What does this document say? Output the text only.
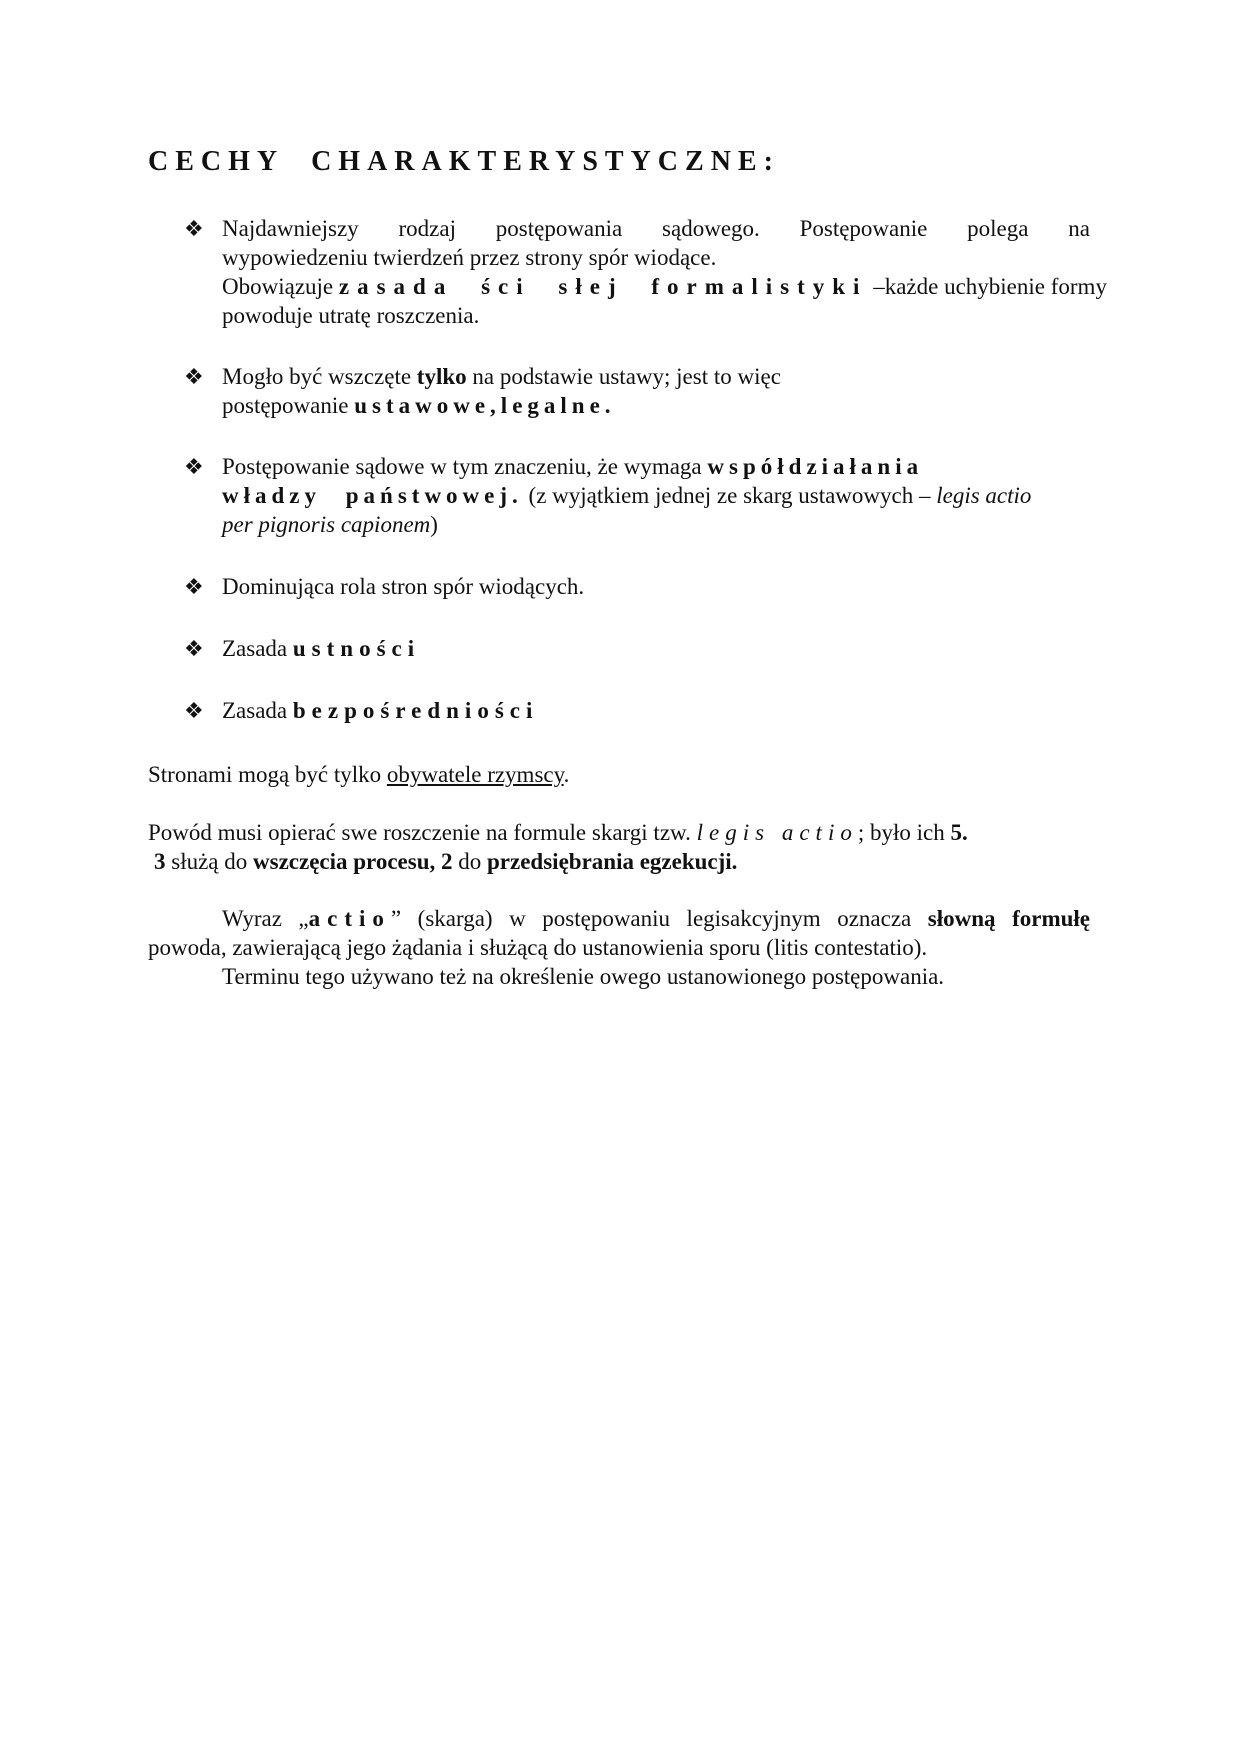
CECHY CHARAKTERYSTYCZNE:
❖ Najdawniejszy rodzaj postępowania sądowego. Postępowanie polega na
wypowiedzeniu twierdzeń przez strony spór wiodące.
Obowiązuje zasada ści słej formalistyki –każde uchybienie formy
powoduje utratę roszczenia.
❖ Mogło być wszczęte tylko na podstawie ustawy; jest to więc
postępowanie ustawowe,legalne.
❖ Postępowanie sądowe w tym znaczeniu, że wymaga współdziałania
władzy państwowej. (z wyjątkiem jednej ze skarg ustawowych – legis actio
per pignoris capionem)
❖ Dominująca rola stron spór wiodących.
❖ Zasada ustności
❖ Zasada bezpośredniości
Stronami mogą być tylko obywatele rzymscy.
Powód musi opierać swe roszczenie na formule skargi tzw. legis actio; było ich 5.
3 służą do wszczęcia procesu, 2 do przedsiębrania egzekucji.
Wyraz „actio” (skarga) w postępowaniu legisakcyjnym oznacza słowną formułę
powoda, zawierającą jego żądania i służącą do ustanowienia sporu (litis contestatio).
Terminu tego używano też na określenie owego ustanowionego postępowania.
